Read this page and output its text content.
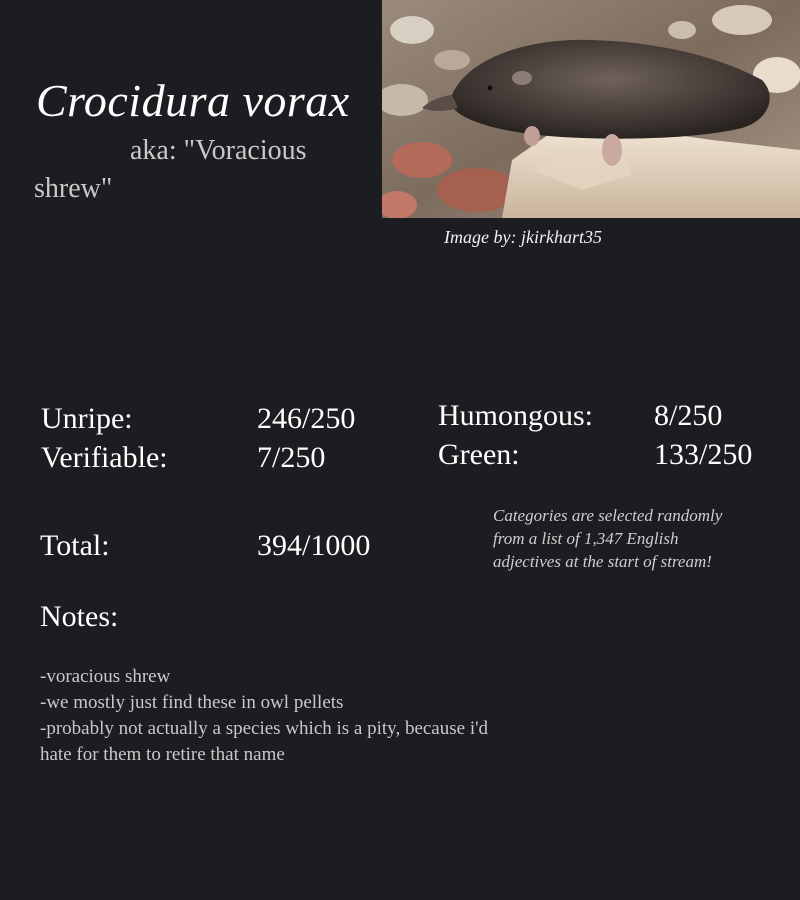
Crocidura vorax

aka: "Voracious shrew"

Image by: jkirkhart35
Unripe:	246/250
Verifiable:	7/250
Humongous: 8/250
Green:	133/250
Total:	394/1000
Categories are selected randomly from a list of 1,347 English adjectives at the start of stream!
Notes:
-voracious shrew
-we mostly just find these in owl pellets
-probably not actually a species which is a pity, because i'd hate for them to retire that name
